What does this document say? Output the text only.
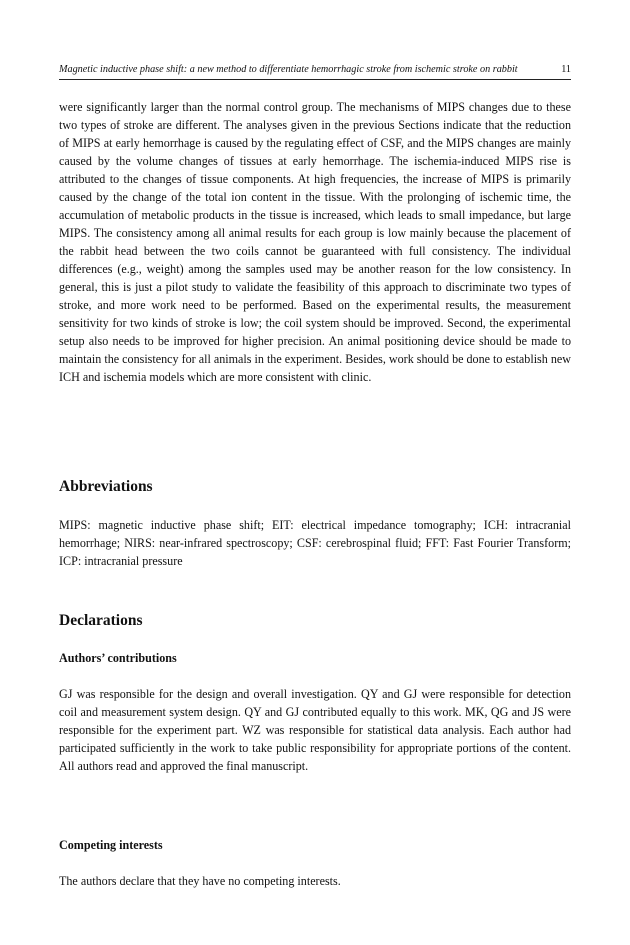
Magnetic inductive phase shift: a new method to differentiate hemorrhagic stroke from ischemic stroke on rabbit	11

were significantly larger than the normal control group. The mechanisms of MIPS changes due to these two types of stroke are different. The analyses given in the previous Sections indicate that the reduction of MIPS at early hemorrhage is caused by the regulating effect of CSF, and the MIPS changes are mainly caused by the volume changes of tissues at early hemorrhage. The ischemia-induced MIPS rise is attributed to the changes of tissue components. At high frequencies, the increase of MIPS is primarily caused by the change of the total ion content in the tissue. With the prolonging of ischemic time, the accumulation of metabolic products in the tissue is increased, which leads to small impedance, but large MIPS. The consistency among all animal results for each group is low mainly because the placement of the rabbit head between the two coils cannot be guaranteed with full consistency. The individual differences (e.g., weight) among the samples used may be another reason for the low consistency. In general, this is just a pilot study to validate the feasibility of this approach to discriminate two types of stroke, and more work need to be performed. Based on the experimental results, the measurement sensitivity for two kinds of stroke is low; the coil system should be improved. Second, the experimental setup also needs to be improved for higher precision. An animal positioning device should be made to maintain the consistency for all animals in the experiment. Besides, work should be done to establish new ICH and ischemia models which are more consistent with clinic.

Abbreviations

MIPS: magnetic inductive phase shift; EIT: electrical impedance tomography; ICH: intracranial hemorrhage; NIRS: near-infrared spectroscopy; CSF: cerebrospinal fluid; FFT: Fast Fourier Transform; ICP: intracranial pressure

Declarations
Authors’ contributions

GJ was responsible for the design and overall investigation. QY and GJ were responsible for detection coil and measurement system design. QY and GJ contributed equally to this work. MK, QG and JS were responsible for the experiment part. WZ was responsible for statistical data analysis. Each author had participated sufficiently in the work to take public responsibility for appropriate portions of the content. All authors read and approved the final manuscript.

Competing interests

The authors declare that they have no competing interests.
